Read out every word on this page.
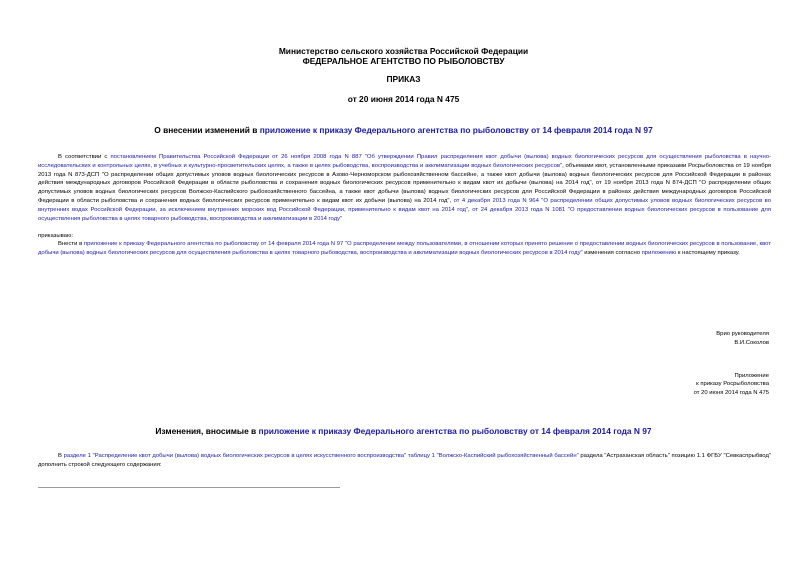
Министерство сельского хозяйства Российской Федерации
ФЕДЕРАЛЬНОЕ АГЕНТСТВО ПО РЫБОЛОВСТВУ
ПРИКАЗ
от 20 июня 2014 года N 475
О внесении изменений в приложение к приказу Федерального агентства по рыболовству от 14 февраля 2014 года N 97
В соответствии с постановлением Правительства Российской Федерации от 26 ноября 2008 года N 887 "Об утверждении Правил распределения квот добычи (вылова) водных биологических ресурсов для осуществления рыболовства в научно-исследовательских и контрольных целях, в учебных и культурно-просветительских целях, а также в целях рыбоводства, воспроизводства и акклиматизации водных биологических ресурсов", объемами квот, установленными приказами Росрыболовства от 19 ноября 2013 года N 873-ДСП "О распределении общих допустимых уловов водных биологических ресурсов в Азово-Черноморском рыбохозяйственном бассейне, а также квот добычи (вылова) водных биологических ресурсов для Российской Федерации в районах действия международных договоров Российской Федерации в области рыболовства и сохранения водных биологических ресурсов применительно к видам квот их добычи (вылова) на 2014 год", от 19 ноября 2013 года N 874-ДСП "О распределении общих допустимых уловов водных биологических ресурсов Волжско-Каспийского рыбохозяйственного бассейна, а также квот добычи (вылова) водных биологических ресурсов для Российской Федерации в районах действия международных договоров Российской Федерации в области рыболовства и сохранения водных биологических ресурсов применительно к видам квот их добычи (вылова) на 2014 год", от 4 декабря 2013 года N 964 "О распределении общих допустимых уловов водных биологических ресурсов во внутренних водах Российской Федерации, за исключением внутренних морских вод Российской Федерации, применительно к видам квот на 2014 год", от 24 декабря 2013 года N 1081 "О предоставлении водных биологических ресурсов в пользование для осуществления рыболовства в целях товарного рыбоводства, воспроизводства и акклиматизации в 2014 году"
приказываю:
Внести в приложение к приказу Федерального агентства по рыболовству от 14 февраля 2014 года N 97 "О распределении между пользователями, в отношении которых принято решение о предоставлении водных биологических ресурсов в пользование, квот добычи (вылова) водных биологических ресурсов для осуществления рыболовства в целях товарного рыбоводства, воспроизводства и акклиматизации водных биологических ресурсов в 2014 году" изменения согласно приложению к настоящему приказу.
Врио руководителя
В.И.Соколов
Приложение
к приказу Росрыболовства
от 20 июня 2014 года N 475
Изменения, вносимые в приложение к приказу Федерального агентства по рыболовству от 14 февраля 2014 года N 97
В разделе 1 "Распределение квот добычи (вылова) водных биологических ресурсов в целях искусственного воспроизводства" таблицу 1 "Волжско-Каспийский рыбохозяйственный бассейн" раздела "Астраханская область" позицию 1.1 ФГБУ "Севкаспрыбвод" дополнить строкой следующего содержания:
